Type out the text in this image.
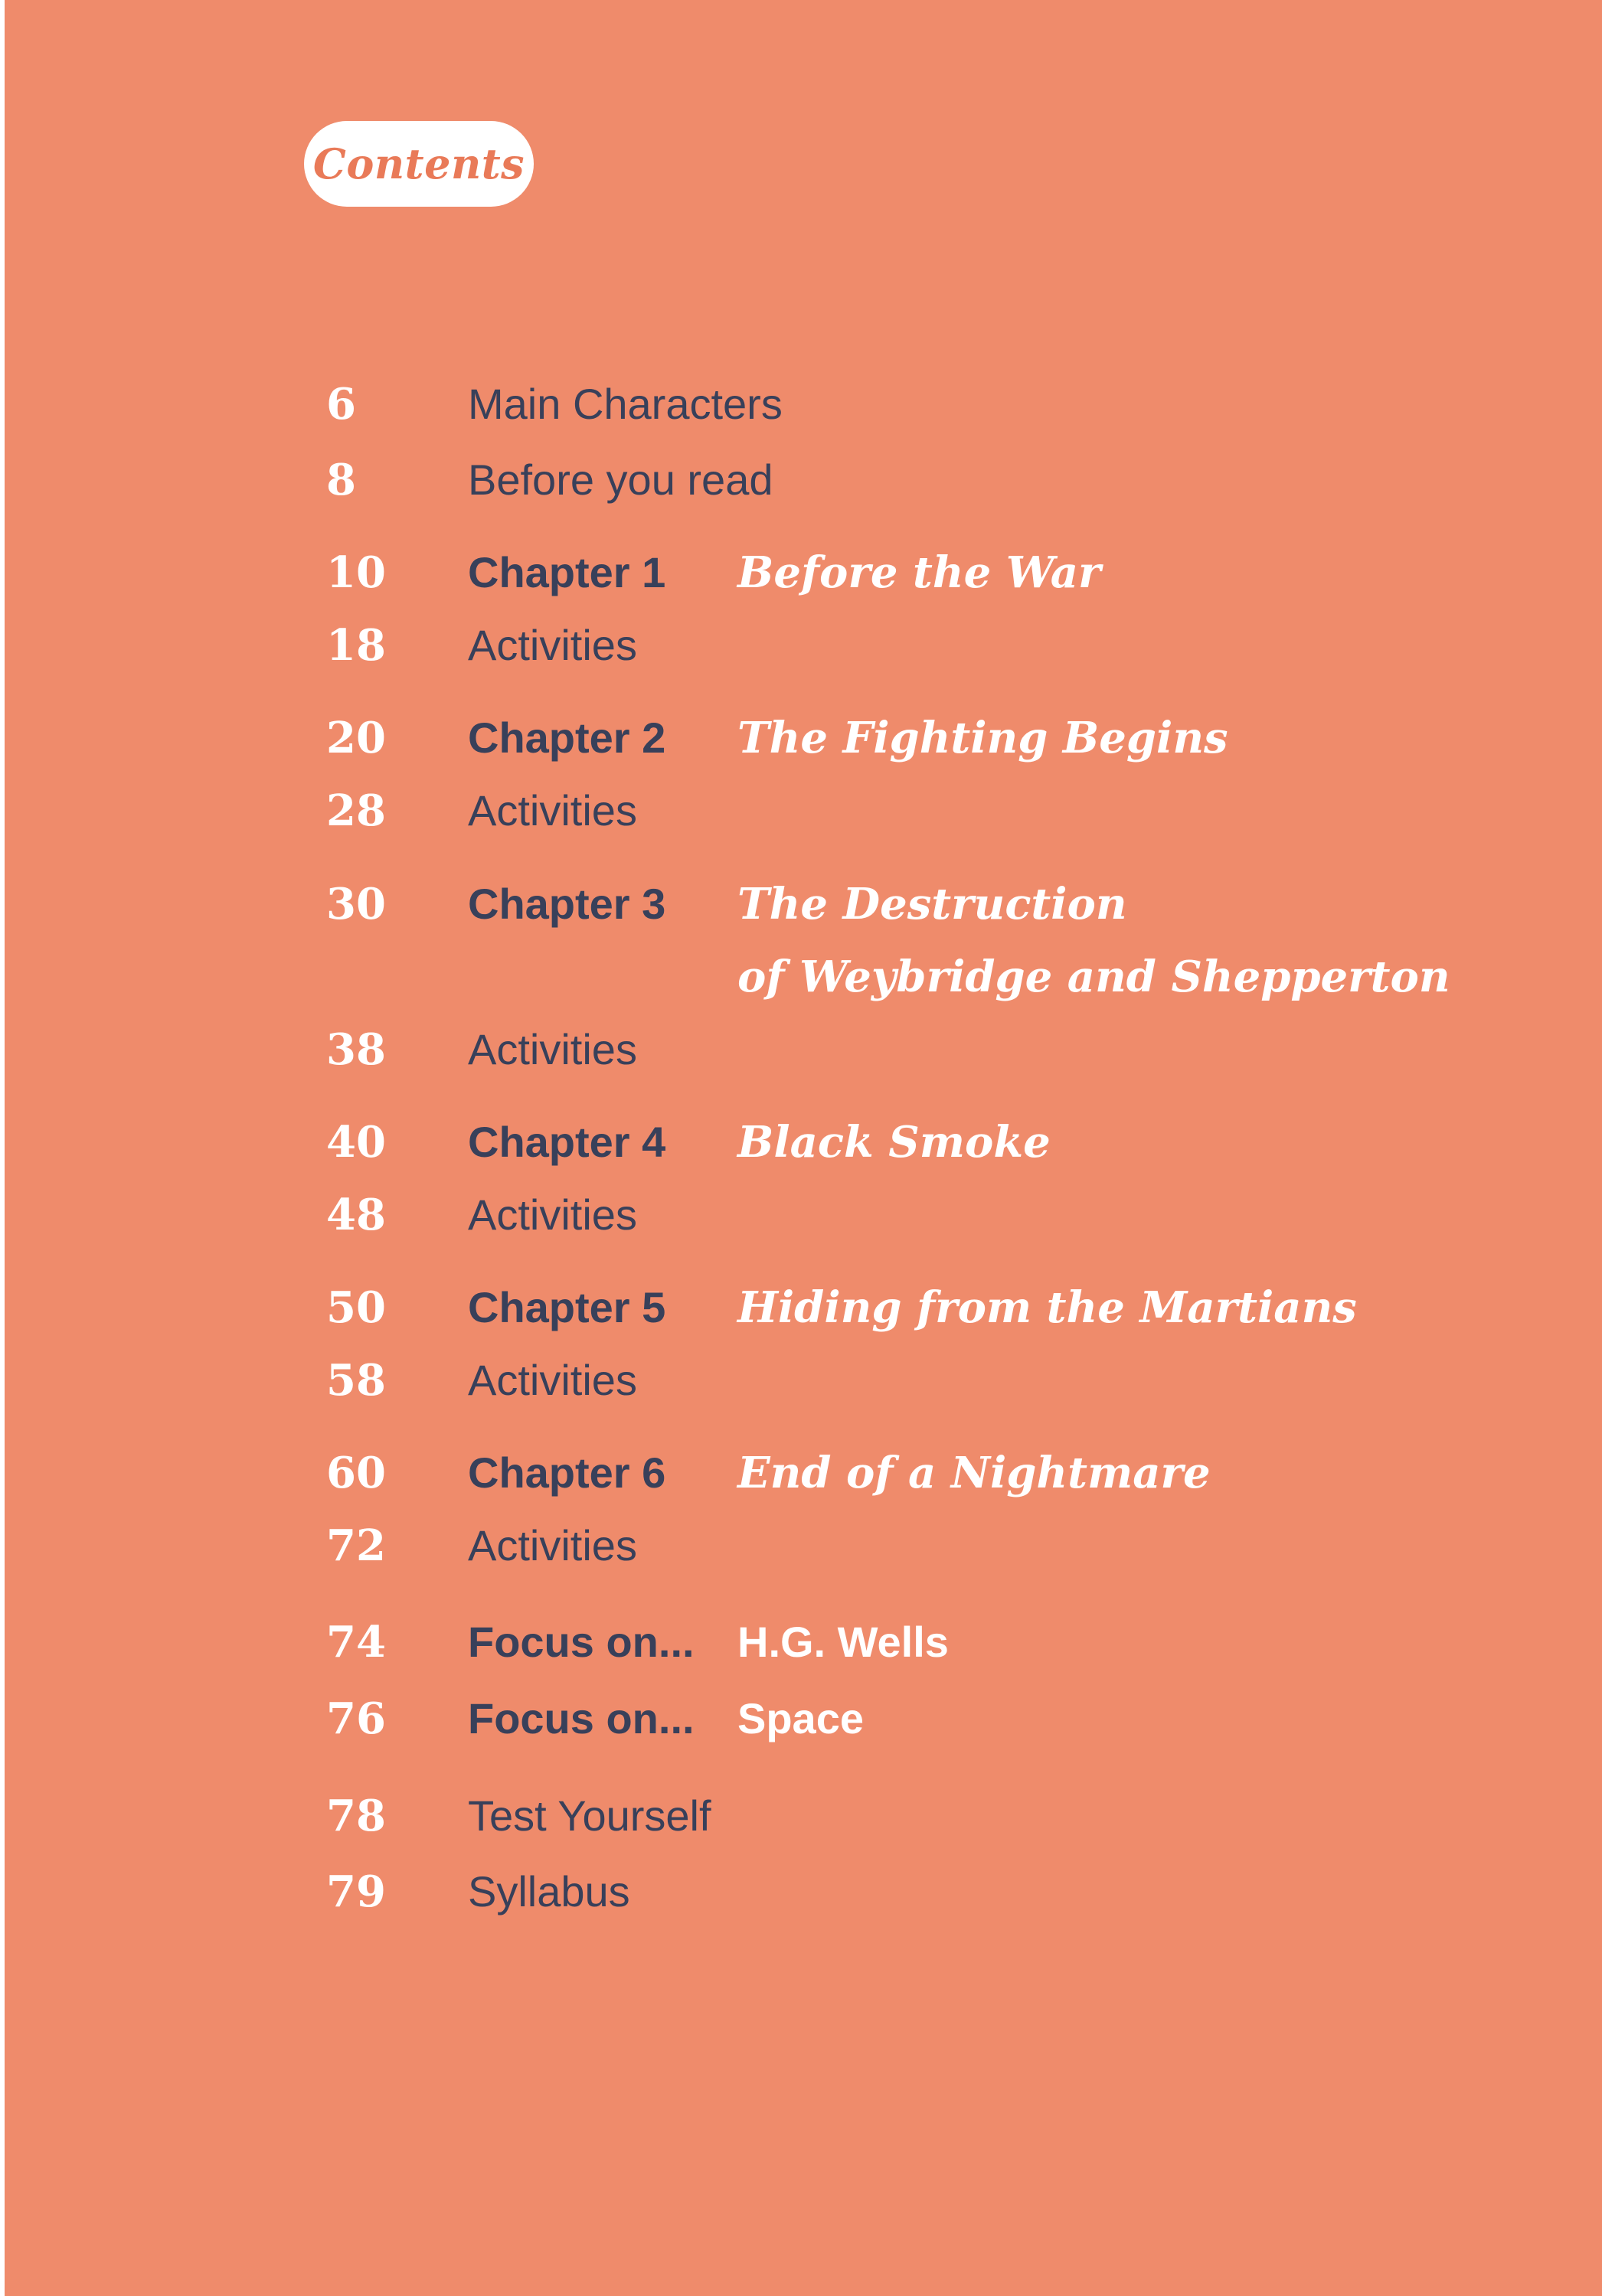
Contents
6	Main Characters
8	Before you read
10 Chapter 1 Before the War
18 Activities
20 Chapter 2 The Fighting Begins
28 Activities
30 Chapter 3 The Destruction
of Weybridge and Shepperton
38 Activities
40 Chapter 4 Black Smoke
48 Activities
50 Chapter 5 Hiding from the Martians
58 Activities
60 Chapter 6 End of a Nightmare
72 Activities
74 Focus on... H.G. Wells
76 Focus on... Space
78 Test Yourself
79 Syllabus
